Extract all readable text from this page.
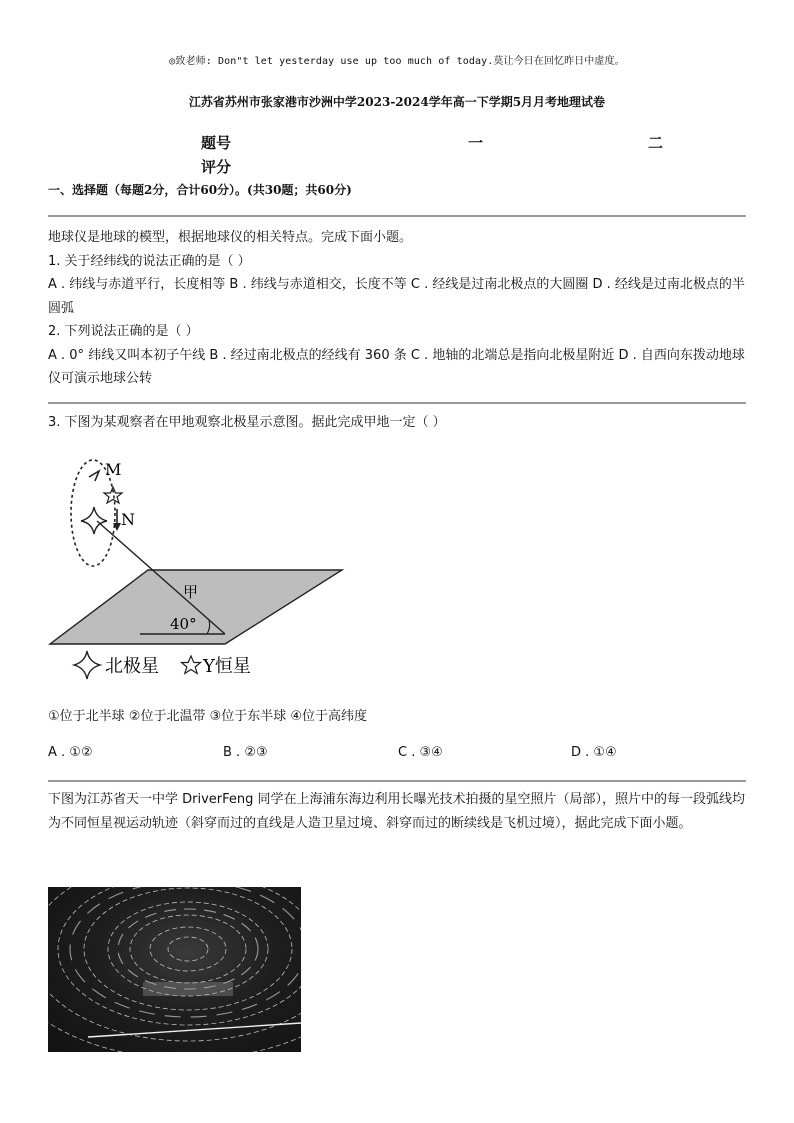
◎致老师: Don"t let yesterday use up too much of today.莫让今日在回忆昨日中虚度。
江苏省苏州市张家港市沙洲中学2023-2024学年高一下学期5月月考地理试卷
题号	一	二
评分
一、选择题（每题2分，合计60分）。(共30题；共60分)
地球仪是地球的模型，根据地球仪的相关特点。完成下面小题。
1. 关于经纬线的说法正确的是（ ）
A . 纬线与赤道平行，长度相等 B . 纬线与赤道相交，长度不等 C . 经线是过南北极点的大圆圈 D . 经线是过南北极点的半圆弧
2. 下列说法正确的是（ ）
A . 0° 纬线又叫本初子午线 B . 经过南北极点的经线有 360 条 C . 地轴的北端总是指向北极星附近 D . 自西向东拨动地球仪可演示地球公转
3. 下图为某观察者在甲地观察北极星示意图。据此完成甲地一定（ ）
M
N
甲
40°
北极星 Y恒星
①位于北半球 ②位于北温带 ③位于东半球 ④位于高纬度
A . ①②	B . ②③	C . ③④	D . ①④
下图为江苏省天一中学 DriverFeng 同学在上海浦东海边利用长曝光技术拍摄的星空照片（局部），照片中的每一段弧线均为不同恒星视运动轨迹（斜穿而过的直线是人造卫星过境、斜穿而过的断续线是飞机过境），据此完成下面小题。
